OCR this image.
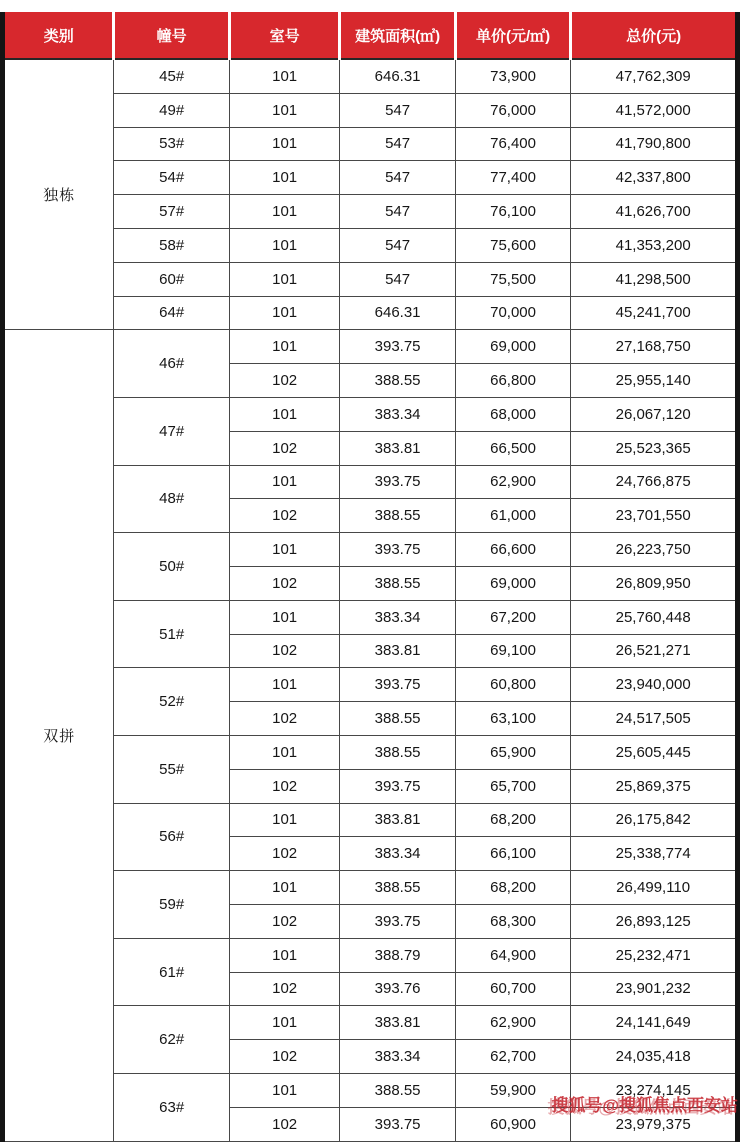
类别	幢号	室号	建筑面积(㎡)	单价(元/㎡)	总价(元)
独栋	45#	101	646.31	73,900	47,762,309
	49#	101	547	76,000	41,572,000
	53#	101	547	76,400	41,790,800
	54#	101	547	77,400	42,337,800
	57#	101	547	76,100	41,626,700
	58#	101	547	75,600	41,353,200
	60#	101	547	75,500	41,298,500
	64#	101	646.31	70,000	45,241,700
双拼	46#	101	393.75	69,000	27,168,750
		102	388.55	66,800	25,955,140
	47#	101	383.34	68,000	26,067,120
		102	383.81	66,500	25,523,365
	48#	101	393.75	62,900	24,766,875
		102	388.55	61,000	23,701,550
	50#	101	393.75	66,600	26,223,750
		102	388.55	69,000	26,809,950
	51#	101	383.34	67,200	25,760,448
		102	383.81	69,100	26,521,271
	52#	101	393.75	60,800	23,940,000
		102	388.55	63,100	24,517,505
	55#	101	388.55	65,900	25,605,445
		102	393.75	65,700	25,869,375
	56#	101	383.81	68,200	26,175,842
		102	383.34	66,100	25,338,774
	59#	101	388.55	68,200	26,499,110
		102	393.75	68,300	26,893,125
	61#	101	388.79	64,900	25,232,471
		102	393.76	60,700	23,901,232
	62#	101	383.81	62,900	24,141,649
		102	383.34	62,700	24,035,418
	63#	101	388.55	59,900	23,274,145
		102	393.75	60,900	23,979,375
搜狐号@搜狐焦点西安站
